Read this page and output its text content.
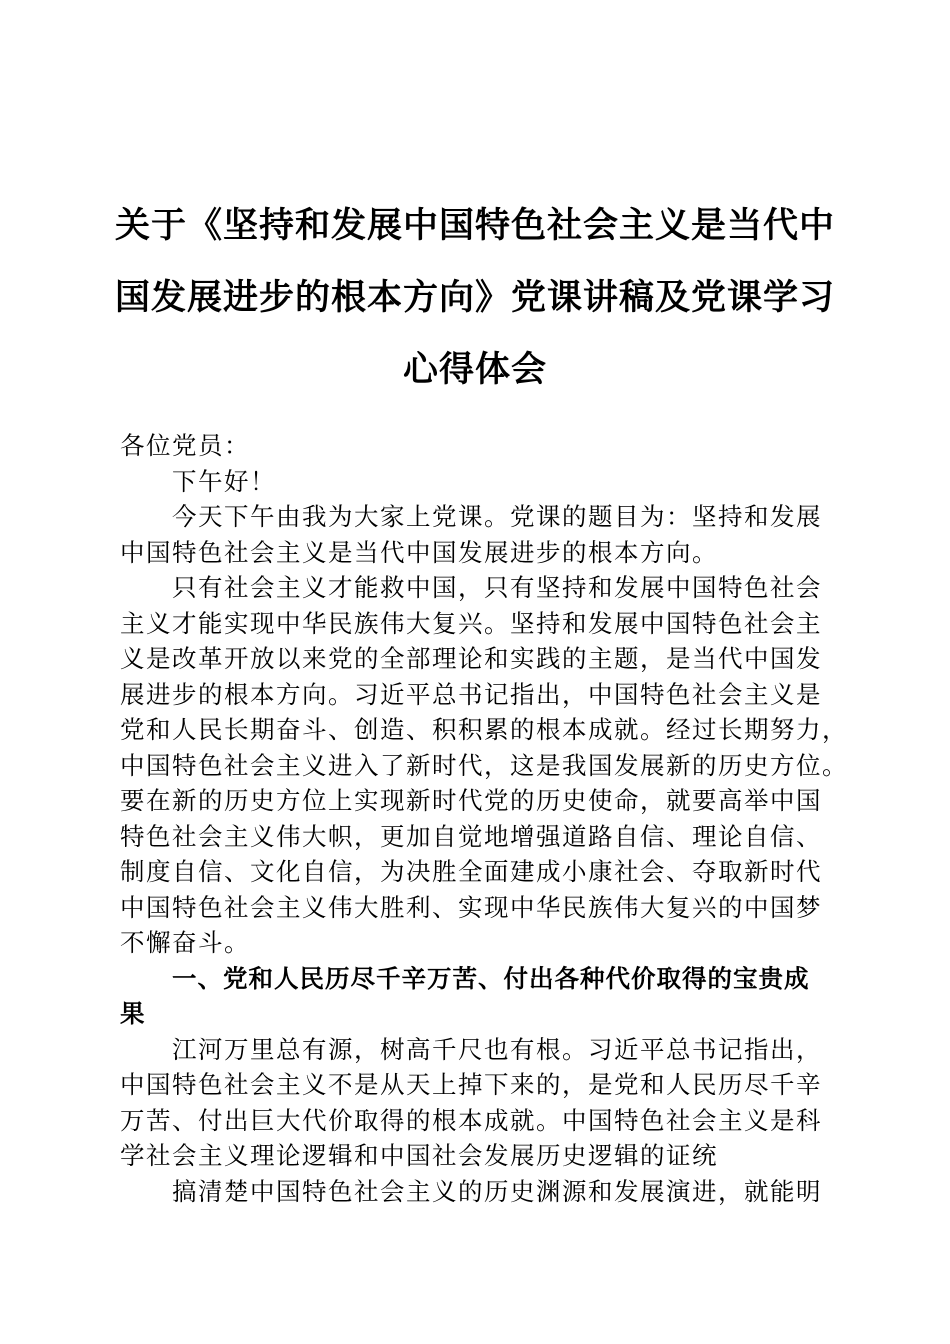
关于《坚持和发展中国特色社会主义是当代中
国发展进步的根本方向》党课讲稿及党课学习
心得体会

各位党员：

下午好！

今天下午由我为大家上党课。党课的题目为：坚持和发展
中国特色社会主义是当代中国发展进步的根本方向。

只有社会主义才能救中国，只有坚持和发展中国特色社会
主义才能实现中华民族伟大复兴。坚持和发展中国特色社会主
义是改革开放以来党的全部理论和实践的主题，是当代中国发
展进步的根本方向。习近平总书记指出，中国特色社会主义是
党和人民长期奋斗、创造、积积累的根本成就。经过长期努力，
中国特色社会主义进入了新时代，这是我国发展新的历史方位。
要在新的历史方位上实现新时代党的历史使命，就要高举中国
特色社会主义伟大帜，更加自觉地增强道路自信、理论自信、
制度自信、文化自信，为决胜全面建成小康社会、夺取新时代
中国特色社会主义伟大胜利、实现中华民族伟大复兴的中国梦
不懈奋斗。

一、党和人民历尽千辛万苦、付出各种代价取得的宝贵成
果

江河万里总有源，树高千尺也有根。习近平总书记指出，
中国特色社会主义不是从天上掉下来的，是党和人民历尽千辛
万苦、付出巨大代价取得的根本成就。中国特色社会主义是科
学社会主义理论逻辑和中国社会发展历史逻辑的证统

搞清楚中国特色社会主义的历史渊源和发展演进，就能明
